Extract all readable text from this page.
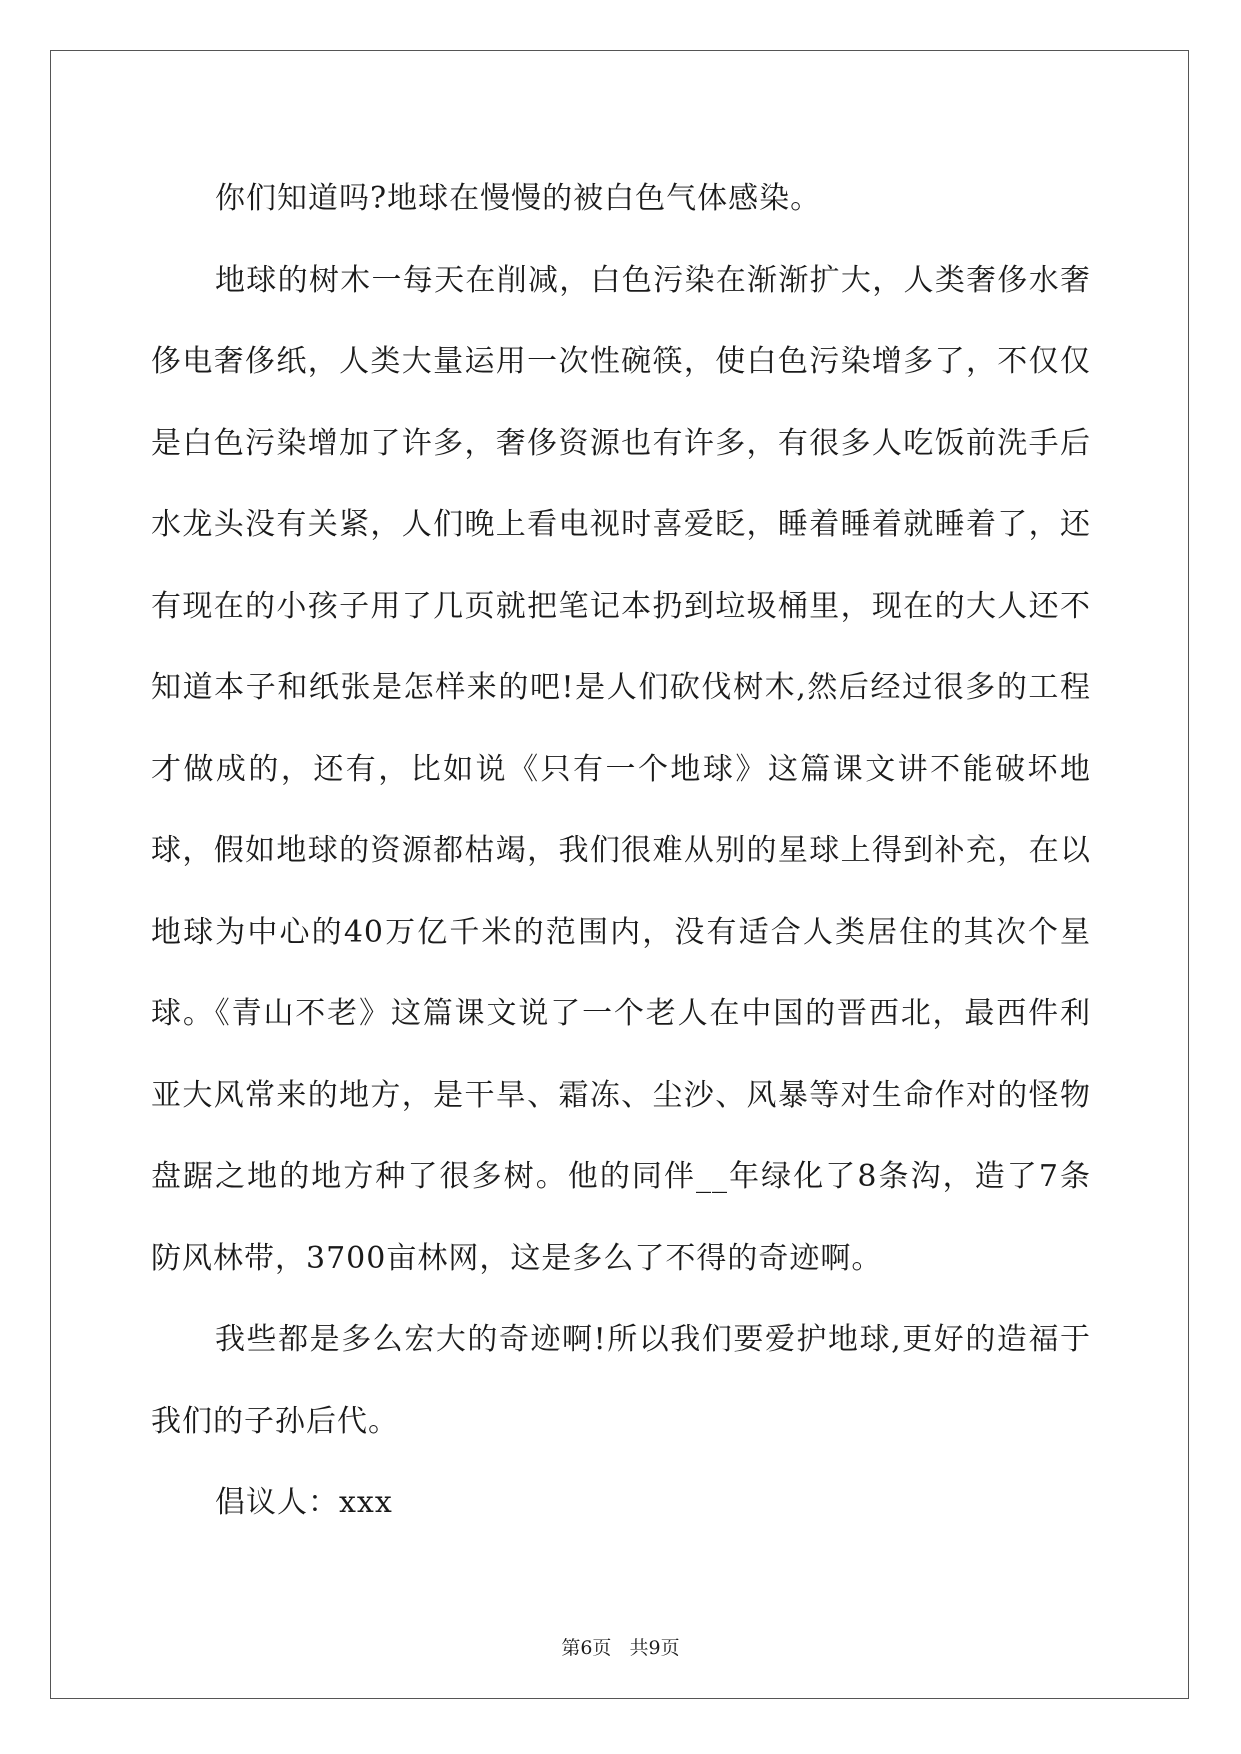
你们知道吗?地球在慢慢的被白色气体感染。

地球的树木一每天在削减，白色污染在渐渐扩大，人类奢侈水奢侈电奢侈纸，人类大量运用一次性碗筷，使白色污染增多了，不仅仅是白色污染增加了许多，奢侈资源也有许多，有很多人吃饭前洗手后水龙头没有关紧，人们晚上看电视时喜爱眨，睡着睡着就睡着了，还有现在的小孩子用了几页就把笔记本扔到垃圾桶里，现在的大人还不知道本子和纸张是怎样来的吧!是人们砍伐树木,然后经过很多的工程才做成的，还有，比如说《只有一个地球》这篇课文讲不能破坏地球，假如地球的资源都枯竭，我们很难从别的星球上得到补充，在以地球为中心的40万亿千米的范围内，没有适合人类居住的其次个星球。《青山不老》这篇课文说了一个老人在中国的晋西北，最西件利亚大风常来的地方，是干旱、霜冻、尘沙、风暴等对生命作对的怪物盘踞之地的地方种了很多树。他的同伴__年绿化了8条沟，造了7条防风林带，3700亩林网，这是多么了不得的奇迹啊。

我些都是多么宏大的奇迹啊!所以我们要爱护地球,更好的造福于我们的子孙后代。

倡议人：xxx

第6页   共9页
